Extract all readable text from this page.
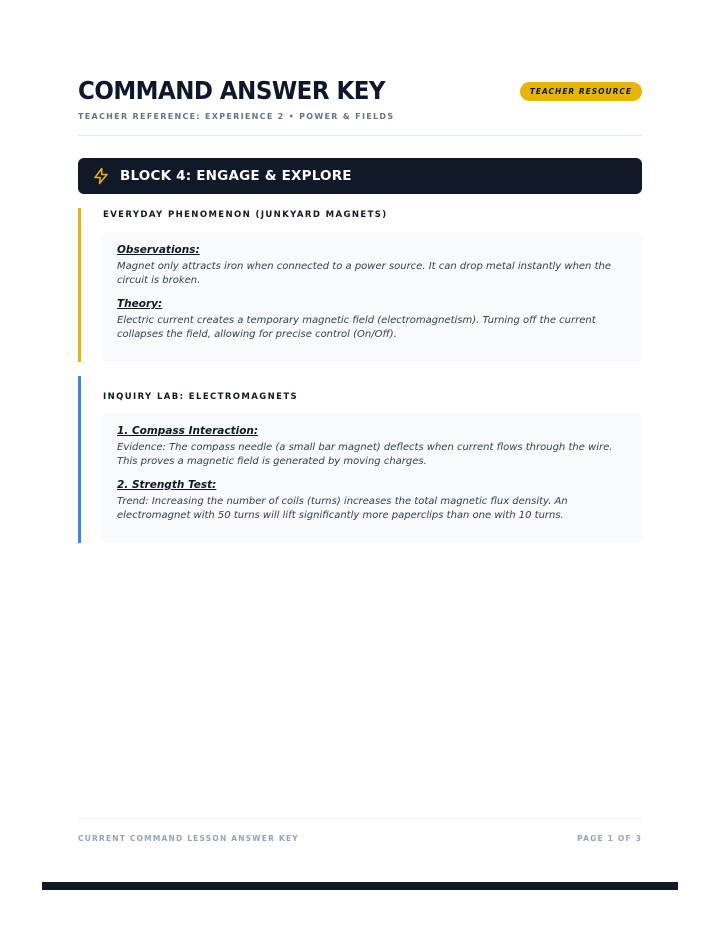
COMMAND ANSWER KEY
TEACHER REFERENCE: EXPERIENCE 2 • POWER & FIELDS
TEACHER RESOURCE
BLOCK 4: ENGAGE & EXPLORE
EVERYDAY PHENOMENON (JUNKYARD MAGNETS)
Observations:
Magnet only attracts iron when connected to a power source. It can drop metal instantly when the circuit is broken.
Theory:
Electric current creates a temporary magnetic field (electromagnetism). Turning off the current collapses the field, allowing for precise control (On/Off).
INQUIRY LAB: ELECTROMAGNETS
1. Compass Interaction:
Evidence: The compass needle (a small bar magnet) deflects when current flows through the wire. This proves a magnetic field is generated by moving charges.
2. Strength Test:
Trend: Increasing the number of coils (turns) increases the total magnetic flux density. An electromagnet with 50 turns will lift significantly more paperclips than one with 10 turns.
CURRENT COMMAND LESSON ANSWER KEY	PAGE 1 OF 3
